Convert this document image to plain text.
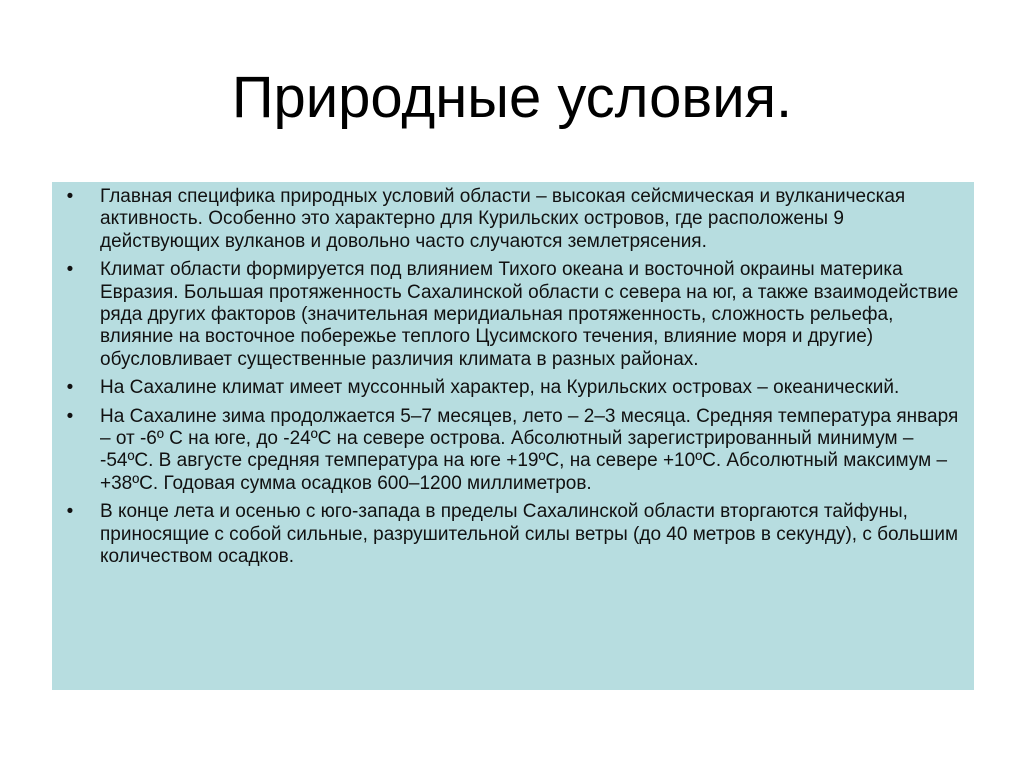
Природные условия.
•	Главная специфика природных условий области – высокая сейсмическая и вулканическая активность. Особенно это характерно для Курильских островов, где расположены 9 действующих вулканов и довольно часто случаются землетрясения.
•	Климат области формируется под влиянием Тихого океана и восточной окраины материка Евразия. Большая протяженность Сахалинской области с севера на юг, а также взаимодействие ряда других факторов (значительная меридиальная протяженность, сложность рельефа, влияние на восточное побережье теплого Цусимского течения, влияние моря и другие) обусловливает существенные различия климата в разных районах.
•	На Сахалине климат имеет муссонный характер, на Курильских островах – океанический.
•	На Сахалине зима продолжается 5–7 месяцев, лето – 2–3 месяца. Средняя температура января – от -6º С на юге, до -24ºС на севере острова. Абсолютный зарегистрированный минимум – -54ºС. В августе средняя температура на юге +19ºС, на севере +10ºС. Абсолютный максимум – +38ºС. Годовая сумма осадков 600–1200 миллиметров.
•	В конце лета и осенью с юго-запада в пределы Сахалинской области вторгаются тайфуны, приносящие с собой сильные, разрушительной силы ветры (до 40 метров в секунду), с большим количеством осадков.
